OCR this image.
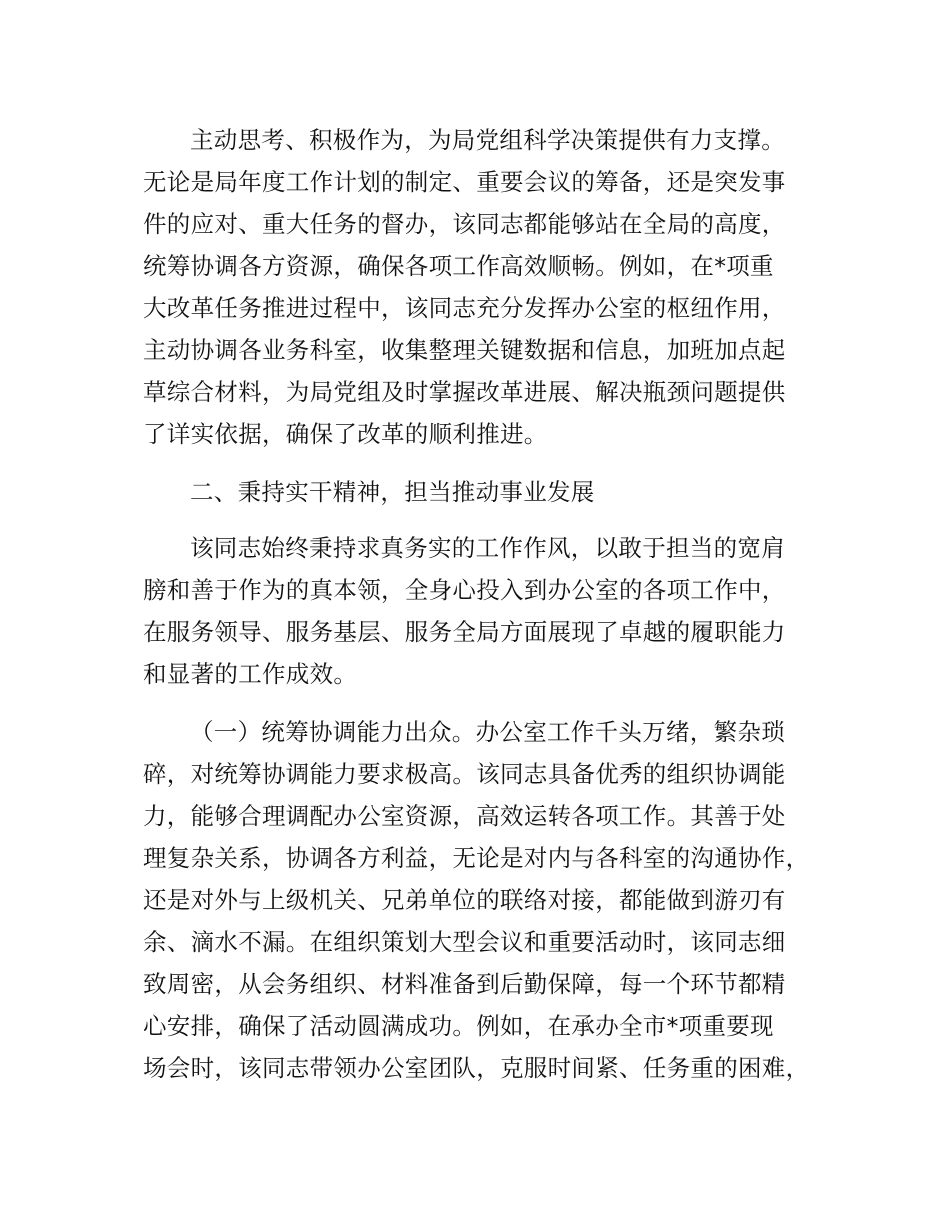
主动思考、积极作为，为局党组科学决策提供有力支撑。
无论是局年度工作计划的制定、重要会议的筹备，还是突发事
件的应对、重大任务的督办，该同志都能够站在全局的高度，
统筹协调各方资源，确保各项工作高效顺畅。例如，在*项重
大改革任务推进过程中，该同志充分发挥办公室的枢纽作用，
主动协调各业务科室，收集整理关键数据和信息，加班加点起
草综合材料，为局党组及时掌握改革进展、解决瓶颈问题提供
了详实依据，确保了改革的顺利推进。
二、秉持实干精神，担当推动事业发展
该同志始终秉持求真务实的工作作风，以敢于担当的宽肩
膀和善于作为的真本领，全身心投入到办公室的各项工作中，
在服务领导、服务基层、服务全局方面展现了卓越的履职能力
和显著的工作成效。
（一）统筹协调能力出众。办公室工作千头万绪，繁杂琐
碎，对统筹协调能力要求极高。该同志具备优秀的组织协调能
力，能够合理调配办公室资源，高效运转各项工作。其善于处
理复杂关系，协调各方利益，无论是对内与各科室的沟通协作，
还是对外与上级机关、兄弟单位的联络对接，都能做到游刃有
余、滴水不漏。在组织策划大型会议和重要活动时，该同志细
致周密，从会务组织、材料准备到后勤保障，每一个环节都精
心安排，确保了活动圆满成功。例如，在承办全市*项重要现
场会时，该同志带领办公室团队，克服时间紧、任务重的困难，
